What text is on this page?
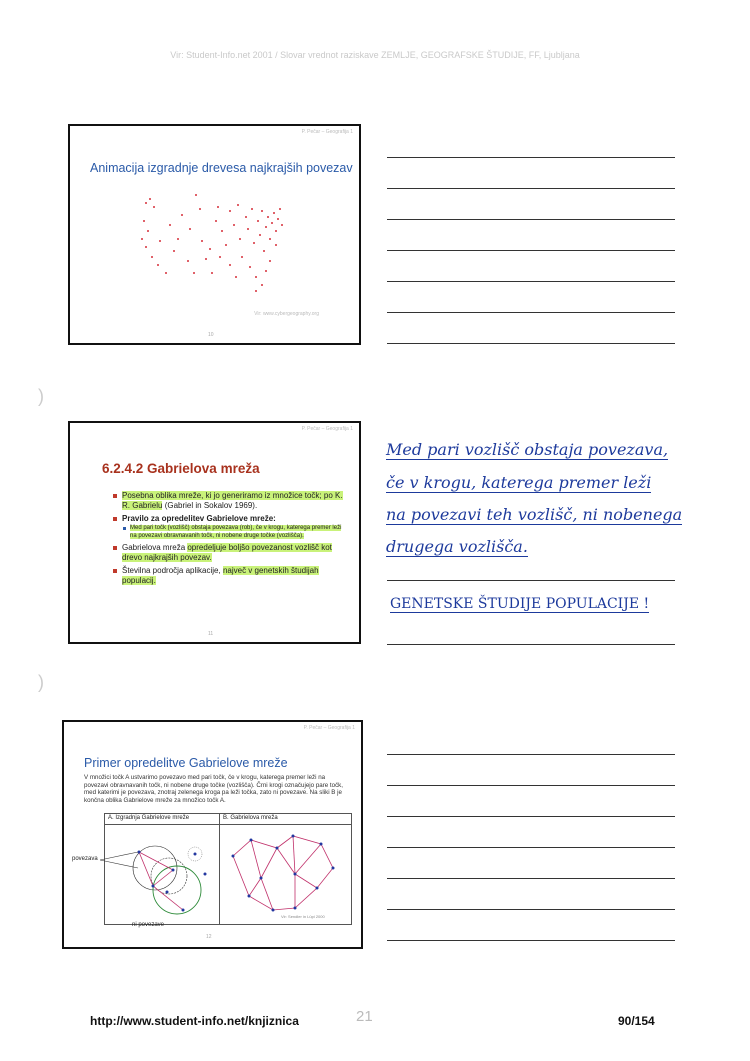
Vir: Student-Info.net 2001 / Slovar vrednot raziskave ZEMLJE, GEOGRAFSKE ŠTUDIJE, FF, Ljubljana
)
)
P. Pečar – Geografija 1
Animacija izgradnje drevesa najkrajših povezav
Vir: www.cybergeography.org
10
P. Pečar – Geografija 1
6.2.4.2 Gabrielova mreža
Posebna oblika mreže, ki jo generiramo iz množice točk; po K. R. Gabrielu (Gabriel in Sokalov 1969).
Pravilo za opredelitev Gabrielove mreže:
Med pari točk (vozlišč) obstaja povezava (rob), če v krogu, katerega premer leži na povezavi obravnavanih točk, ni nobene druge točke (vozlišča).
Gabrielova mreža opredeljuje boljšo povezanost vozlišč kot drevo najkrajših povezav.
Številna področja aplikacije, največ v genetskih študijah populacij.
11
Med pari vozlišč obstaja povezava,
če v krogu, katerega premer leži
na povezavi teh vozlišč, ni nobenega
drugega vozlišča.
GENETSKE ŠTUDIJE POPULACIJE !
P. Pečar – Geografija 1
Primer opredelitve Gabrielove mreže
V množici točk A ustvarimo povezavo med pari točk, če v krogu, katerega premer leži na povezavi obravnavanih točk, ni nobene druge točke (vozlišča). Črni krogi označujejo pare točk, med katerimi je povezava, znotraj zelenega kroga pa leži točka, zato ni povezave. Na sliki B je končna oblika Gabrielove mreže za množico točk A.
A. Izgradnja Gabrielove mreže	B. Gabrielova mreža
Vir: Sendler in Lüpi 2000
povezava
ni povezave
12
http://www.student-info.net/knjiznica	21	90/154
